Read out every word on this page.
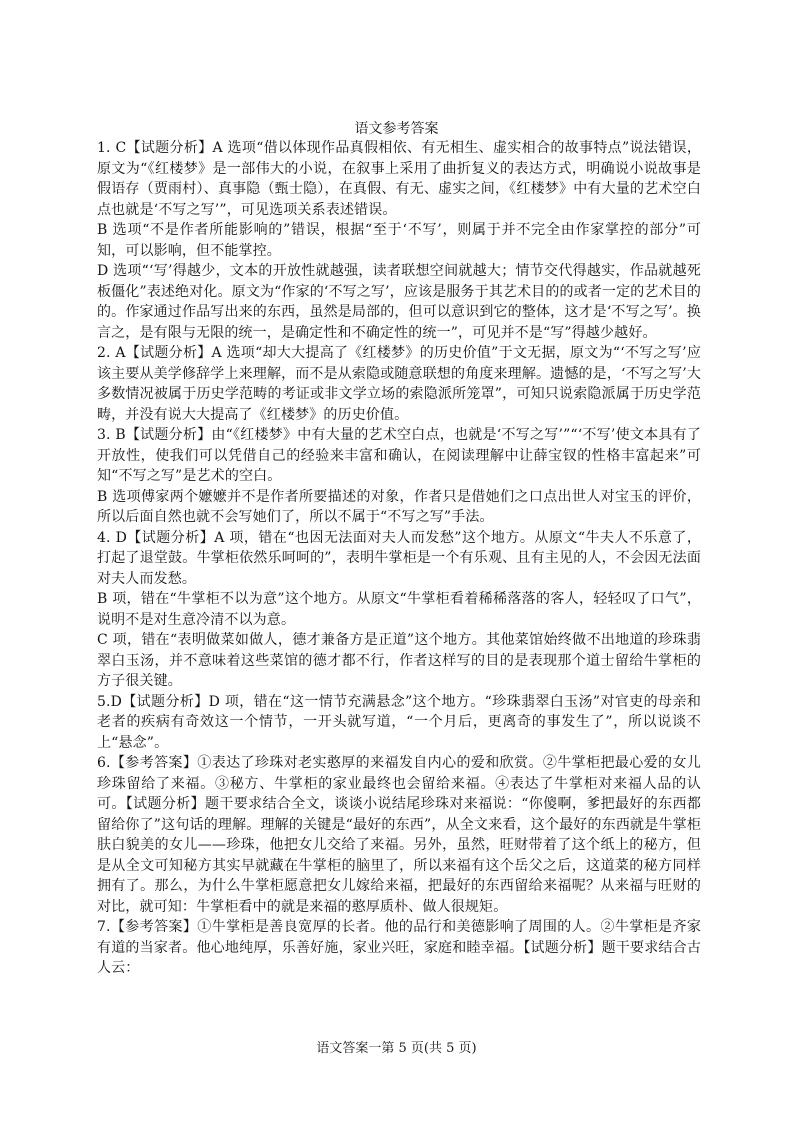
语文参考答案

1. C【试题分析】A 选项“借以体现作品真假相依、有无相生、虚实相合的故事特点”说法错误，原文为“《红楼梦》是一部伟大的小说，在叙事上采用了曲折复义的表达方式，明确说小说故事是假语存（贾雨村）、真事隐（甄士隐），在真假、有无、虚实之间，《红楼梦》中有大量的艺术空白点也就是‘不写之写’”，可见选项关系表述错误。

B 选项“不是作者所能影响的”错误，根据“至于‘不写’，则属于并不完全由作家掌控的部分”可知，可以影响，但不能掌控。

D 选项“‘写’得越少，文本的开放性就越强，读者联想空间就越大；情节交代得越实，作品就越死板僵化”表述绝对化。原文为“作家的‘不写之写’，应该是服务于其艺术目的的或者一定的艺术目的的。作家通过作品写出来的东西，虽然是局部的，但可以意识到它的整体，这才是‘不写之写’。换言之，是有限与无限的统一，是确定性和不确定性的统一”，可见并不是“写”得越少越好。

2. A【试题分析】A 选项“却大大提高了《红楼梦》的历史价值”于文无据，原文为“‘不写之写’应该主要从美学修辞学上来理解，而不是从索隐或随意联想的角度来理解。遗憾的是，‘不写之写’大多数情况被属于历史学范畴的考证或非文学立场的索隐派所笼罩”，可知只说索隐派属于历史学范畴，并没有说大大提高了《红楼梦》的历史价值。

3. B【试题分析】由“《红楼梦》中有大量的艺术空白点，也就是‘不写之写’”“‘不写’使文本具有了开放性，使我们可以凭借自己的经验来丰富和确认，在阅读理解中让薛宝钗的性格丰富起来”可知“不写之写”是艺术的空白。

B 选项傅家两个嬷嬷并不是作者所要描述的对象，作者只是借她们之口点出世人对宝玉的评价，所以后面自然也就不会写她们了，所以不属于“不写之写”手法。

4. D【试题分析】A 项，错在“也因无法面对夫人而发愁”这个地方。从原文“牛夫人不乐意了，打起了退堂鼓。牛掌柜依然乐呵呵的”，表明牛掌柜是一个有乐观、且有主见的人，不会因无法面对夫人而发愁。

B 项，错在“牛掌柜不以为意”这个地方。从原文“牛掌柜看着稀稀落落的客人，轻轻叹了口气”，说明不是对生意冷清不以为意。

C 项，错在“表明做菜如做人，德才兼备方是正道”这个地方。其他菜馆始终做不出地道的珍珠翡翠白玉汤，并不意味着这些菜馆的德才都不行，作者这样写的目的是表现那个道士留给牛掌柜的方子很关键。

5.D【试题分析】D 项，错在“这一情节充满悬念”这个地方。“珍珠翡翠白玉汤”对官吏的母亲和老者的疾病有奇效这一个情节，一开头就写道，“一个月后，更离奇的事发生了”，所以说谈不上“悬念”。

6.【参考答案】①表达了珍珠对老实憨厚的来福发自内心的爱和欣赏。②牛掌柜把最心爱的女儿珍珠留给了来福。③秘方、牛掌柜的家业最终也会留给来福。④表达了牛掌柜对来福人品的认可。【试题分析】题干要求结合全文，谈谈小说结尾珍珠对来福说：“你傻啊，爹把最好的东西都留给你了”这句话的理解。理解的关键是“最好的东西”，从全文来看，这个最好的东西就是牛掌柜肤白貌美的女儿——珍珠，他把女儿交给了来福。另外，虽然，旺财带着了这个纸上的秘方，但是从全文可知秘方其实早就藏在牛掌柜的脑里了，所以来福有这个岳父之后，这道菜的秘方同样拥有了。那么，为什么牛掌柜愿意把女儿嫁给来福，把最好的东西留给来福呢？从来福与旺财的对比，就可知：牛掌柜看中的就是来福的憨厚质朴、做人很规矩。

7.【参考答案】①牛掌柜是善良宽厚的长者。他的品行和美德影响了周围的人。②牛掌柜是齐家有道的当家者。他心地纯厚，乐善好施，家业兴旺，家庭和睦幸福。【试题分析】题干要求结合古人云：

语文答案一第 5 页(共 5 页)
